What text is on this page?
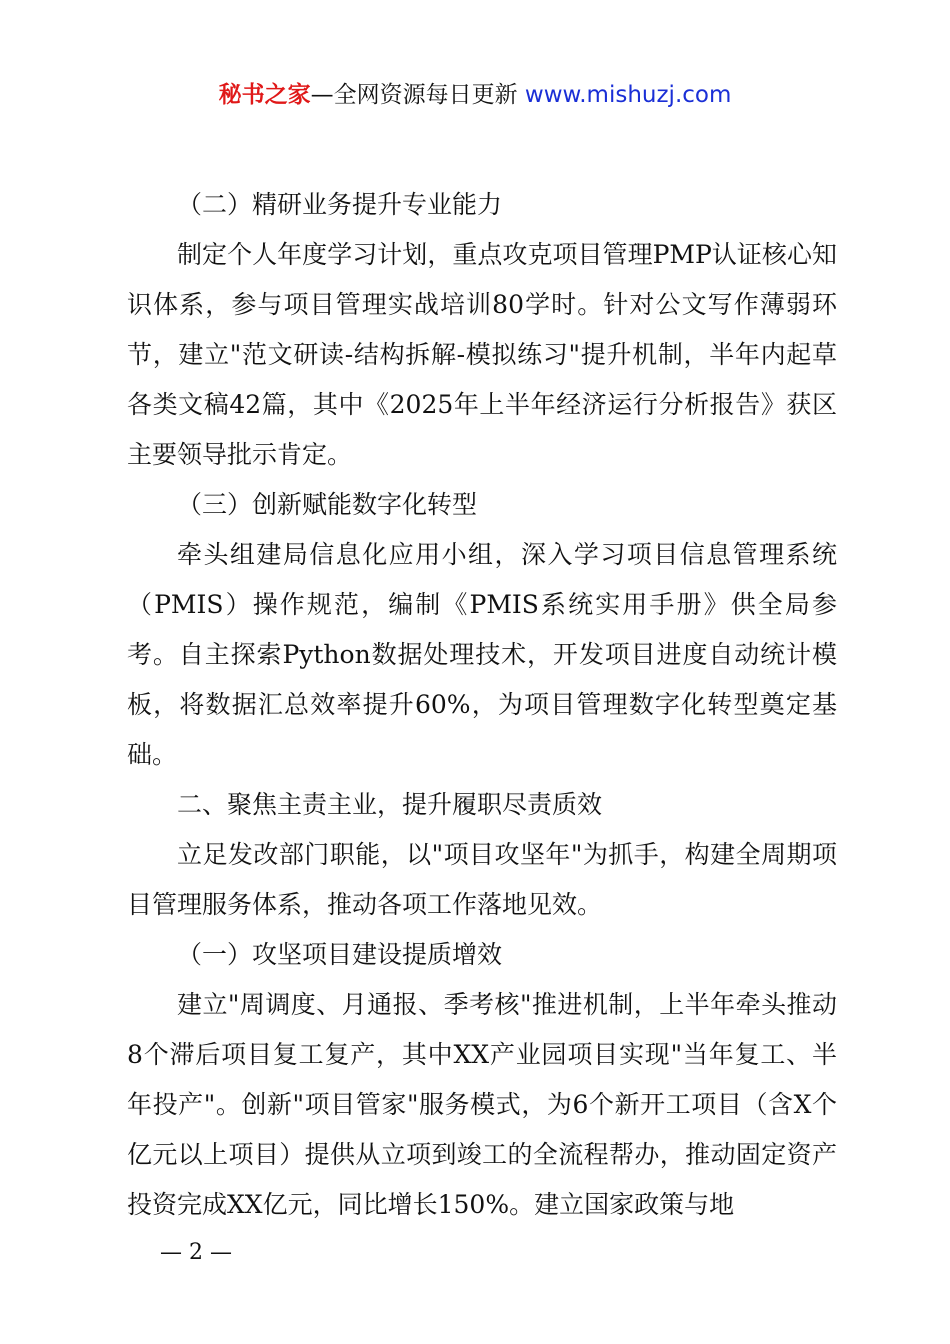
秘书之家—全网资源每日更新 www.mishuzj.com

（二）精研业务提升专业能力

制定个人年度学习计划，重点攻克项目管理PMP认证核心知识体系，参与项目管理实战培训80学时。针对公文写作薄弱环节，建立"范文研读-结构拆解-模拟练习"提升机制，半年内起草各类文稿42篇，其中《2025年上半年经济运行分析报告》获区主要领导批示肯定。

（三）创新赋能数字化转型

牵头组建局信息化应用小组，深入学习项目信息管理系统（PMIS）操作规范，编制《PMIS系统实用手册》供全局参考。自主探索Python数据处理技术，开发项目进度自动统计模板，将数据汇总效率提升60%，为项目管理数字化转型奠定基础。

二、聚焦主责主业，提升履职尽责质效

立足发改部门职能，以"项目攻坚年"为抓手，构建全周期项目管理服务体系，推动各项工作落地见效。

（一）攻坚项目建设提质增效

建立"周调度、月通报、季考核"推进机制，上半年牵头推动8个滞后项目复工复产，其中XX产业园项目实现"当年复工、半年投产"。创新"项目管家"服务模式，为6个新开工项目（含X个亿元以上项目）提供从立项到竣工的全流程帮办，推动固定资产投资完成XX亿元，同比增长150%。建立国家政策与地

— 2 —
